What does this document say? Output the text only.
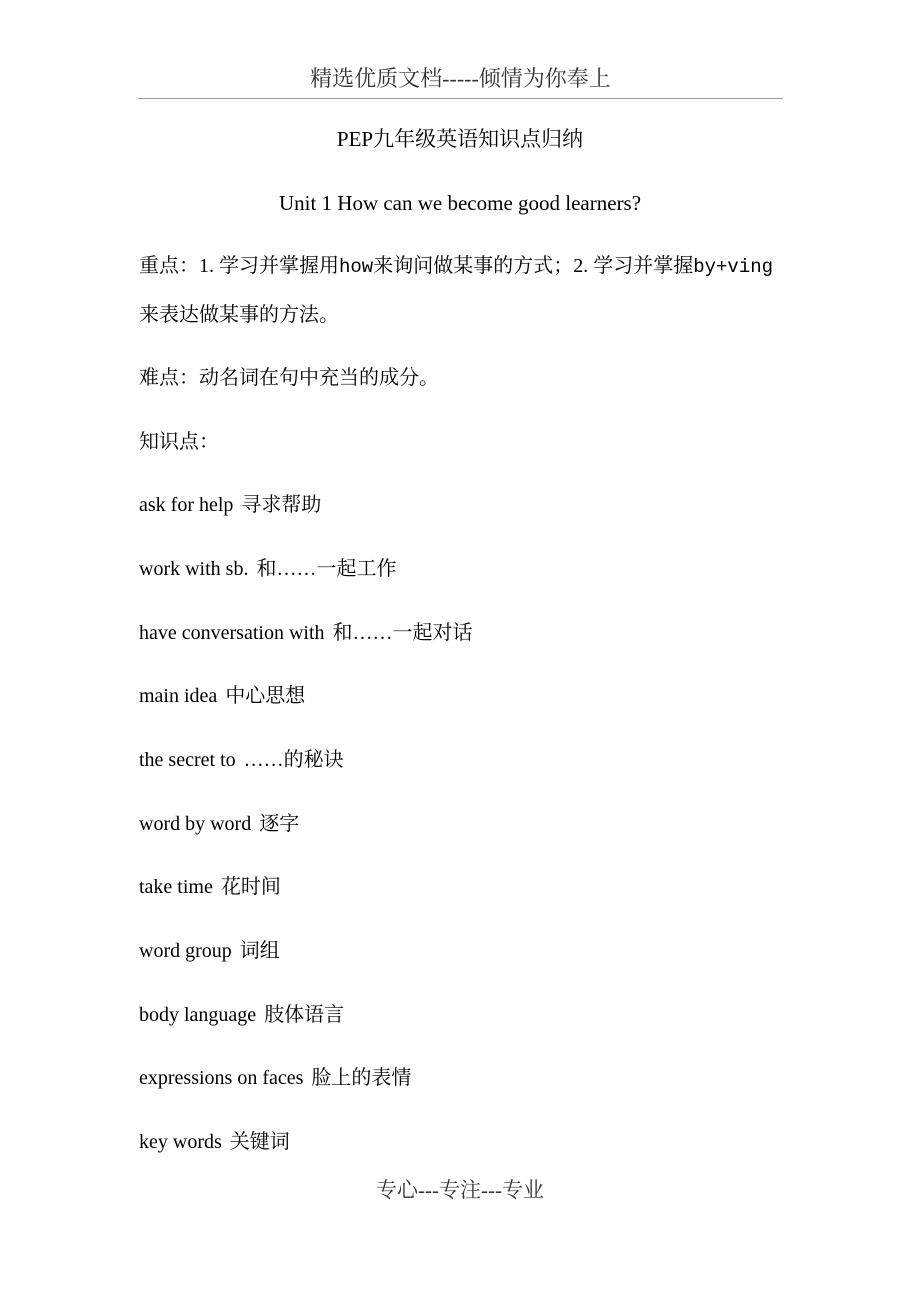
精选优质文档-----倾情为你奉上
PEP九年级英语知识点归纳
Unit 1 How can we become good learners?

重点：1. 学习并掌握用how来询问做某事的方式；2. 学习并掌握by+ving来表达做某事的方法。

难点：动名词在句中充当的成分。

知识点：

ask for help 寻求帮助
work with sb. 和……一起工作
have conversation with 和……一起对话
main idea 中心思想
the secret to ……的秘诀
word by word 逐字
take time 花时间
word group 词组
body language 肢体语言
expressions on faces 脸上的表情
key words 关键词
专心---专注---专业
